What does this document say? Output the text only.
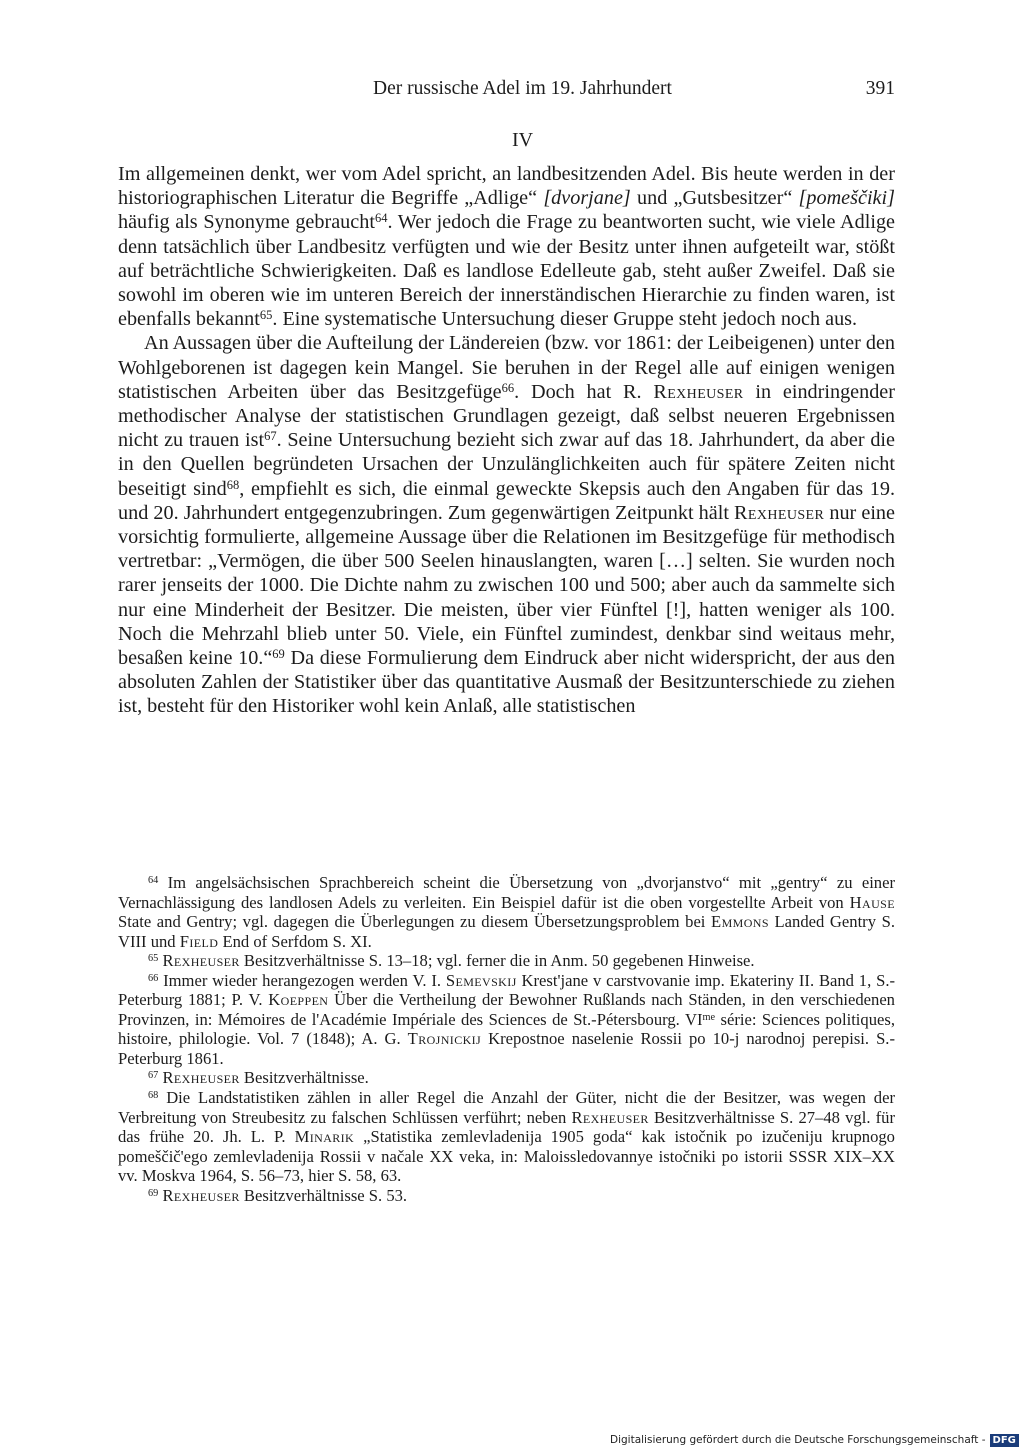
Der russische Adel im 19. Jahrhundert	391
IV

Im allgemeinen denkt, wer vom Adel spricht, an landbesitzenden Adel. Bis heute werden in der historiographischen Literatur die Begriffe „Adlige“ [dvorjane] und „Gutsbesitzer“ [pomeščiki] häufig als Synonyme gebraucht$^{64}$. Wer jedoch die Frage zu beantworten sucht, wie viele Adlige denn tatsächlich über Landbesitz verfügten und wie der Besitz unter ihnen aufgeteilt war, stößt auf beträchtliche Schwierigkeiten. Daß es landlose Edelleute gab, steht außer Zweifel. Daß sie sowohl im oberen wie im unteren Bereich der innerständischen Hierarchie zu finden waren, ist ebenfalls bekannt$^{65}$. Eine systematische Untersuchung dieser Gruppe steht jedoch noch aus.

An Aussagen über die Aufteilung der Ländereien (bzw. vor 1861: der Leibeigenen) unter den Wohlgeborenen ist dagegen kein Mangel. Sie beruhen in der Regel alle auf einigen wenigen statistischen Arbeiten über das Besitzgefüge$^{66}$. Doch hat R. Rexheuser in eindringender methodischer Analyse der statistischen Grundlagen gezeigt, daß selbst neueren Ergebnissen nicht zu trauen ist$^{67}$. Seine Untersuchung bezieht sich zwar auf das 18. Jahrhundert, da aber die in den Quellen begründeten Ursachen der Unzulänglichkeiten auch für spätere Zeiten nicht beseitigt sind$^{68}$, empfiehlt es sich, die einmal geweckte Skepsis auch den Angaben für das 19. und 20. Jahrhundert entgegenzubringen. Zum gegenwärtigen Zeitpunkt hält Rexheuser nur eine vorsichtig formulierte, allgemeine Aussage über die Relationen im Besitzgefüge für methodisch vertretbar: „Vermögen, die über 500 Seelen hinauslangten, waren […] selten. Sie wurden noch rarer jenseits der 1000. Die Dichte nahm zu zwischen 100 und 500; aber auch da sammelte sich nur eine Minderheit der Besitzer. Die meisten, über vier Fünftel [!], hatten weniger als 100. Noch die Mehrzahl blieb unter 50. Viele, ein Fünftel zumindest, denkbar sind weitaus mehr, besaßen keine 10.“$^{69}$ Da diese Formulierung dem Eindruck aber nicht widerspricht, der aus den absoluten Zahlen der Statistiker über das quantitative Ausmaß der Besitzunterschiede zu ziehen ist, besteht für den Historiker wohl kein Anlaß, alle statistischen

$^{64}$ Im angelsächsischen Sprachbereich scheint die Übersetzung von „dvorjanstvo“ mit „gentry“ zu einer Vernachlässigung des landlosen Adels zu verleiten. Ein Beispiel dafür ist die oben vorgestellte Arbeit von Hause State and Gentry; vgl. dagegen die Überlegungen zu diesem Übersetzungsproblem bei Emmons Landed Gentry S. VIII und Field End of Serfdom S. XI.

$^{65}$ Rexheuser Besitzverhältnisse S. 13–18; vgl. ferner die in Anm. 50 gegebenen Hinweise.

$^{66}$ Immer wieder herangezogen werden V. I. Semevskij Krest'jane v carstvovanie imp. Ekateriny II. Band 1, S.-Peterburg 1881; P. V. Koeppen Über die Vertheilung der Bewohner Rußlands nach Ständen, in den verschiedenen Provinzen, in: Mémoires de l'Académie Impériale des Sciences de St.-Pétersbourg. $VI^{me}$ série: Sciences politiques, histoire, philologie. Vol. 7 (1848); A. G. Trojnickij Krepostnoe naselenie Rossii po 10-j narodnoj perepisi. S.-Peterburg 1861.

$^{67}$ Rexheuser Besitzverhältnisse.

$^{68}$ Die Landstatistiken zählen in aller Regel die Anzahl der Güter, nicht die der Besitzer, was wegen der Verbreitung von Streubesitz zu falschen Schlüssen verführt; neben Rexheuser Besitzverhältnisse S. 27–48 vgl. für das frühe 20. Jh. L. P. Minarik „Statistika zemlevladenija 1905 goda“ kak istočnik po izučeniju krupnogo pomeščič'ego zemlevladenija Rossii v načale XX veka, in: Maloissledovannye istočniki po istorii SSSR XIX–XX vv. Moskva 1964, S. 56–73, hier S. 58, 63.

$^{69}$ Rexheuser Besitzverhältnisse S. 53.

Digitalisierung gefördert durch die Deutsche Forschungsgemeinschaft - DFG
